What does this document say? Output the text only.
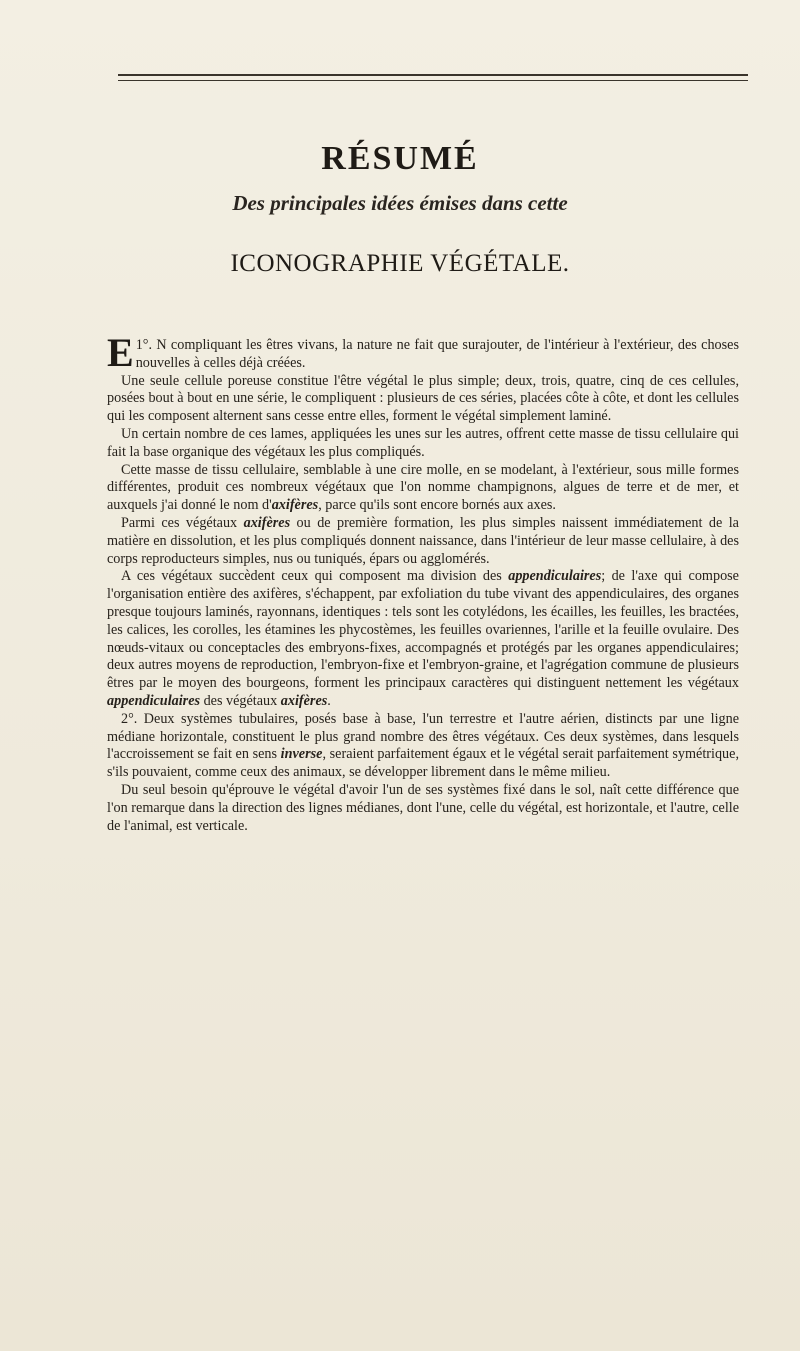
RÉSUMÉ
Des principales idées émises dans cette
ICONOGRAPHIE VÉGÉTALE.

1°.
E N compliquant les êtres vivans, la nature ne fait que surajouter, de l'intérieur à l'extérieur, des choses nouvelles à celles déjà créées.

Une seule cellule poreuse constitue l'être végétal le plus simple; deux, trois, quatre, cinq de ces cellules, posées bout à bout en une série, le compliquent : plusieurs de ces séries, placées côte à côte, et dont les cellules qui les composent alternent sans cesse entre elles, forment le végétal simplement laminé.

Un certain nombre de ces lames, appliquées les unes sur les autres, offrent cette masse de tissu cellulaire qui fait la base organique des végétaux les plus compliqués.

Cette masse de tissu cellulaire, semblable à une cire molle, en se modelant, à l'extérieur, sous mille formes différentes, produit ces nombreux végétaux que l'on nomme champignons, algues de terre et de mer, et auxquels j'ai donné le nom d'axifères, parce qu'ils sont encore bornés aux axes.

Parmi ces végétaux axifères ou de première formation, les plus simples naissent immédiatement de la matière en dissolution, et les plus compliqués donnent naissance, dans l'intérieur de leur masse cellulaire, à des corps reproducteurs simples, nus ou tuniqués, épars ou agglomérés.

A ces végétaux succèdent ceux qui composent ma division des appendiculaires; de l'axe qui compose l'organisation entière des axifères, s'échappent, par exfoliation du tube vivant des appendiculaires, des organes presque toujours laminés, rayonnans, identiques : tels sont les cotylédons, les écailles, les feuilles, les bractées, les calices, les corolles, les étamines les phycostèmes, les feuilles ovariennes, l'arille et la feuille ovulaire. Des nœuds-vitaux ou conceptacles des embryons-fixes, accompagnés et protégés par les organes appendiculaires; deux autres moyens de reproduction, l'embryon-fixe et l'embryon-graine, et l'agrégation commune de plusieurs êtres par le moyen des bourgeons, forment les principaux caractères qui distinguent nettement les végétaux appendiculaires des végétaux axifères.

2°. Deux systèmes tubulaires, posés base à base, l'un terrestre et l'autre aérien, distincts par une ligne médiane horizontale, constituent le plus grand nombre des êtres végétaux. Ces deux systèmes, dans lesquels l'accroissement se fait en sens inverse, seraient parfaitement égaux et le végétal serait parfaitement symétrique, s'ils pouvaient, comme ceux des animaux, se développer librement dans le même milieu.

Du seul besoin qu'éprouve le végétal d'avoir l'un de ses systèmes fixé dans le sol, naît cette différence que l'on remarque dans la direction des lignes médianes, dont l'une, celle du végétal, est horizontale, et l'autre, celle de l'animal, est verticale.
